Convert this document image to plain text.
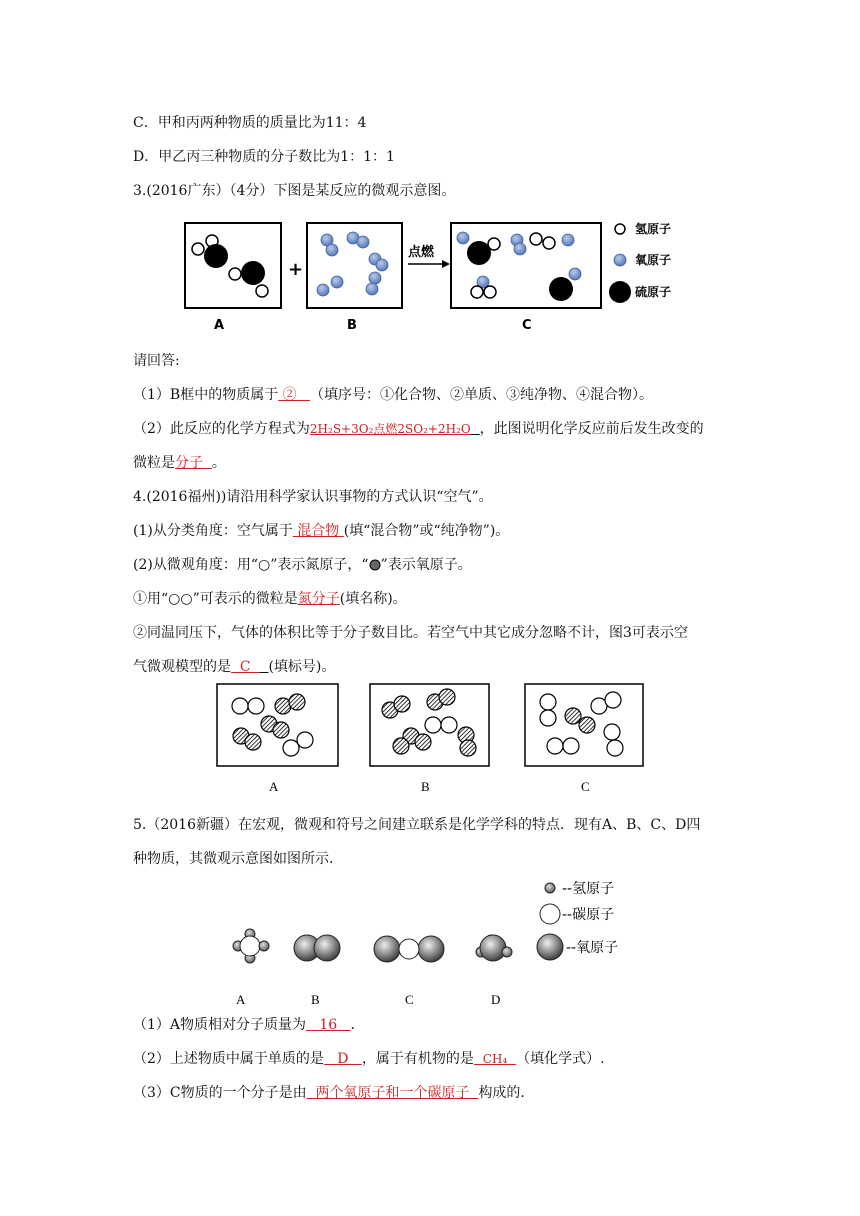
C．甲和丙两种物质的质量比为11：4
D．甲乙丙三种物质的分子数比为1：1：1
3.(2016广东）（4分）下图是某反应的微观示意图。
+
点燃
氢原子
氧原子
硫原子
A	B	C
请回答:
（1）B框中的物质属于 ② （填序号：①化合物、②单质、③纯净物、④混合物）。
（2）此反应的化学方程式为2H₂S+3O₂点燃2SO₂+2H₂O ，此图说明化学反应前后发生改变的
微粒是分子 。
4.(2016福州))请沿用科学家认识事物的方式认识“空气”。
(1)从分类角度：空气属于 混合物 (填“混合物”或“纯净物”)。
(2)从微观角度：用“○”表示氮原子，“ ”表示氧原子。
①用“○○”可表示的微粒是氮分子(填名称)。
②同温同压下，气体的体积比等于分子数目比。若空气中其它成分忽略不计，图3可表示空
气微观模型的是 C (填标号)。
A	B	C
5.（2016新疆）在宏观，微观和符号之间建立联系是化学学科的特点．现有A、B、C、D四
种物质，其微观示意图如图所示.
--氢原子
--碳原子
--氧原子
A	B	C	D
（1）A物质相对分子质量为 16 .
（2）上述物质中属于单质的是 D ，属于有机物的是 CH₄ （填化学式）.
（3）C物质的一个分子是由 两个氧原子和一个碳原子 构成的.
